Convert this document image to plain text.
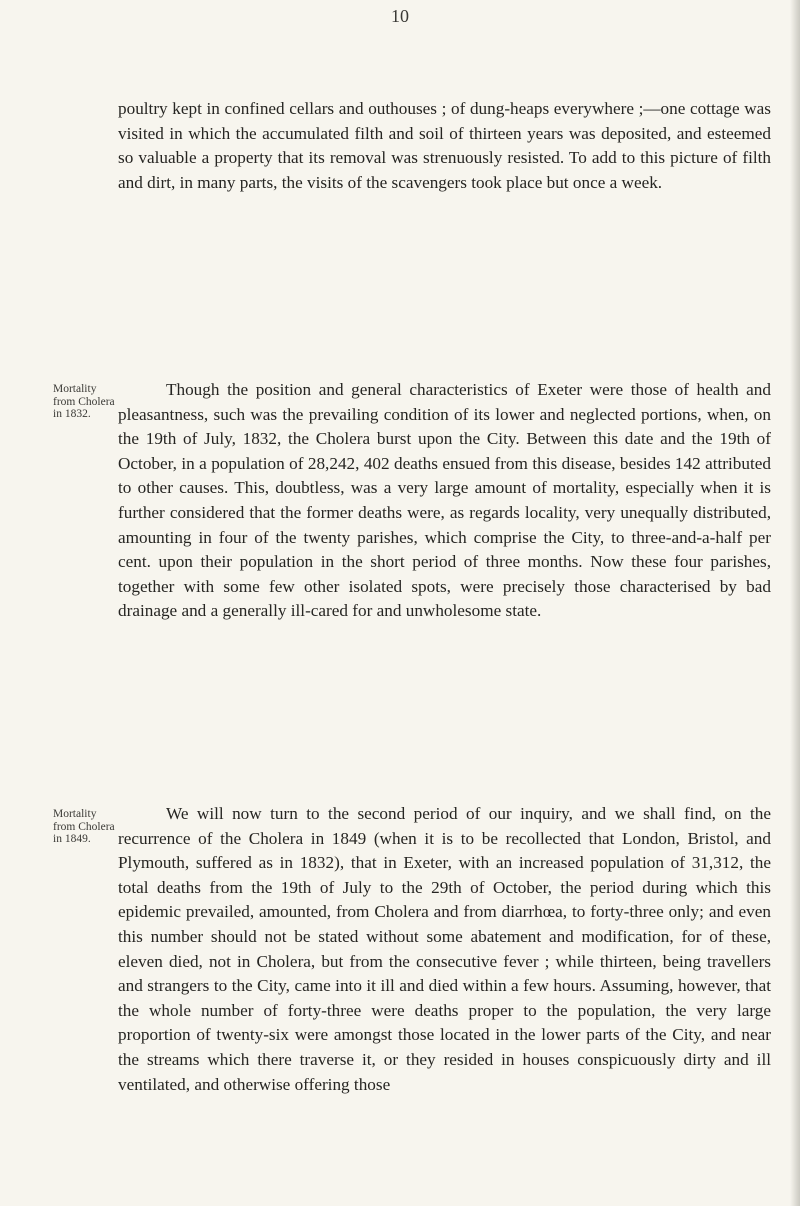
10
poultry kept in confined cellars and outhouses ; of dung-heaps everywhere ;—one cottage was visited in which the accumulated filth and soil of thirteen years was deposited, and esteemed so valuable a property that its removal was strenuously resisted. To add to this picture of filth and dirt, in many parts, the visits of the scavengers took place but once a week.
Mortality from Cholera in 1832.
Though the position and general characteristics of Exeter were those of health and pleasantness, such was the prevailing condition of its lower and neglected portions, when, on the 19th of July, 1832, the Cholera burst upon the City. Between this date and the 19th of October, in a population of 28,242, 402 deaths ensued from this disease, besides 142 attributed to other causes. This, doubtless, was a very large amount of mortality, especially when it is further considered that the former deaths were, as regards locality, very unequally distributed, amounting in four of the twenty parishes, which comprise the City, to three-and-a-half per cent. upon their population in the short period of three months. Now these four parishes, together with some few other isolated spots, were precisely those characterised by bad drainage and a generally ill-cared for and unwholesome state.
Mortality from Cholera in 1849.
We will now turn to the second period of our inquiry, and we shall find, on the recurrence of the Cholera in 1849 (when it is to be recollected that London, Bristol, and Plymouth, suffered as in 1832), that in Exeter, with an increased population of 31,312, the total deaths from the 19th of July to the 29th of October, the period during which this epidemic prevailed, amounted, from Cholera and from diarrhœa, to forty-three only; and even this number should not be stated without some abatement and modification, for of these, eleven died, not in Cholera, but from the consecutive fever ; while thirteen, being travellers and strangers to the City, came into it ill and died within a few hours. Assuming, however, that the whole number of forty-three were deaths proper to the population, the very large proportion of twenty-six were amongst those located in the lower parts of the City, and near the streams which there traverse it, or they resided in houses conspicuously dirty and ill ventilated, and otherwise offering those
